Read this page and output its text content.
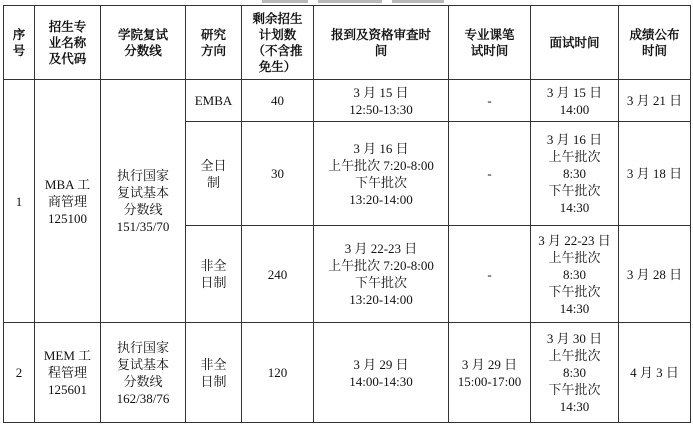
序
号	招生专
业名称
及代码	学院复试
分数线	研究
方向	剩余招生
计划数
（不含推
免生）	报到及资格审查时
间	专业课笔
试时间	面试时间	成绩公布
时间

1	MBA 工
商管理
125100	执行国家
复试基本
分数线
151/35/70	EMBA	40	3 月 15 日
12:50-13:30	-	3 月 15 日
14:00	3 月 21 日

			全日
制	30	3 月 16 日
上午批次 7:20-8:00
下午批次
13:20-14:00	-	3 月 16 日
上午批次
8:30
下午批次
14:30	3 月 18 日

			非全
日制	240	3 月 22-23 日
上午批次 7:20-8:00
下午批次
13:20-14:00	-	3 月 22-23 日
上午批次
8:30
下午批次
14:30	3 月 28 日

2	MEM 工
程管理
125601	执行国家
复试基本
分数线
162/38/76	非全
日制	120	3 月 29 日
14:00-14:30	3 月 29 日
15:00-17:00	3 月 30 日
上午批次
8:30
下午批次
14:30	4 月 3 日
